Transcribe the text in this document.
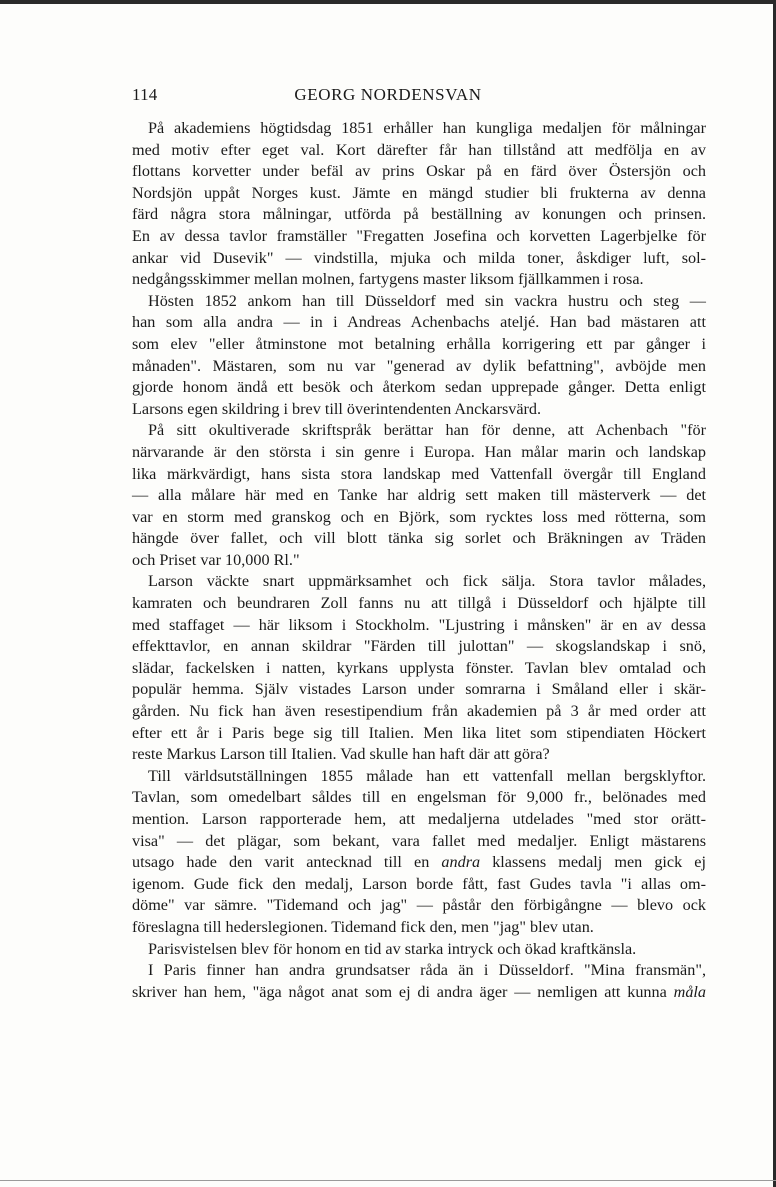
114	GEORG NORDENSVAN
På akademiens högtidsdag 1851 erhåller han kungliga medaljen för målningar
med motiv efter eget val. Kort därefter får han tillstånd att medfölja en av
flottans korvetter under befäl av prins Oskar på en färd över Östersjön och
Nordsjön uppåt Norges kust. Jämte en mängd studier bli frukterna av denna
färd några stora målningar, utförda på beställning av konungen och prinsen.
En av dessa tavlor framställer "Fregatten Josefina och korvetten Lagerbjelke för
ankar vid Dusevik" — vindstilla, mjuka och milda toner, åskdiger luft, sol-
nedgångsskimmer mellan molnen, fartygens master liksom fjällkammen i rosa.
Hösten 1852 ankom han till Düsseldorf med sin vackra hustru och steg —
han som alla andra — in i Andreas Achenbachs ateljé. Han bad mästaren att
som elev "eller åtminstone mot betalning erhålla korrigering ett par gånger i
månaden". Mästaren, som nu var "generad av dylik befattning", avböjde men
gjorde honom ändå ett besök och återkom sedan upprepade gånger. Detta enligt
Larsons egen skildring i brev till överintendenten Anckarsvärd.
På sitt okultiverade skriftspråk berättar han för denne, att Achenbach "för
närvarande är den största i sin genre i Europa. Han målar marin och landskap
lika märkvärdigt, hans sista stora landskap med Vattenfall övergår till England
— alla målare här med en Tanke har aldrig sett maken till mästerverk — det
var en storm med granskog och en Björk, som rycktes loss med rötterna, som
hängde över fallet, och vill blott tänka sig sorlet och Bräkningen av Träden
och Priset var 10,000 Rl."
Larson väckte snart uppmärksamhet och fick sälja. Stora tavlor målades,
kamraten och beundraren Zoll fanns nu att tillgå i Düsseldorf och hjälpte till
med staffaget — här liksom i Stockholm. "Ljustring i månsken" är en av dessa
effekttavlor, en annan skildrar "Färden till julottan" — skogslandskap i snö,
slädar, fackelsken i natten, kyrkans upplysta fönster. Tavlan blev omtalad och
populär hemma. Själv vistades Larson under somrarna i Småland eller i skär-
gården. Nu fick han även resestipendium från akademien på 3 år med order att
efter ett år i Paris bege sig till Italien. Men lika litet som stipendiaten Höckert
reste Markus Larson till Italien. Vad skulle han haft där att göra?
Till världsutställningen 1855 målade han ett vattenfall mellan bergsklyftor.
Tavlan, som omedelbart såldes till en engelsman för 9,000 fr., belönades med
mention. Larson rapporterade hem, att medaljerna utdelades "med stor orätt-
visa" — det plägar, som bekant, vara fallet med medaljer. Enligt mästarens
utsago hade den varit antecknad till en andra klassens medalj men gick ej
igenom. Gude fick den medalj, Larson borde fått, fast Gudes tavla "i allas om-
döme" var sämre. "Tidemand och jag" — påstår den förbigångne — blevo ock
föreslagna till hederslegionen. Tidemand fick den, men "jag" blev utan.
Parisvistelsen blev för honom en tid av starka intryck och ökad kraftkänsla.
I Paris finner han andra grundsatser råda än i Düsseldorf. "Mina fransmän",
skriver han hem, "äga något anat som ej di andra äger — nemligen att kunna måla
